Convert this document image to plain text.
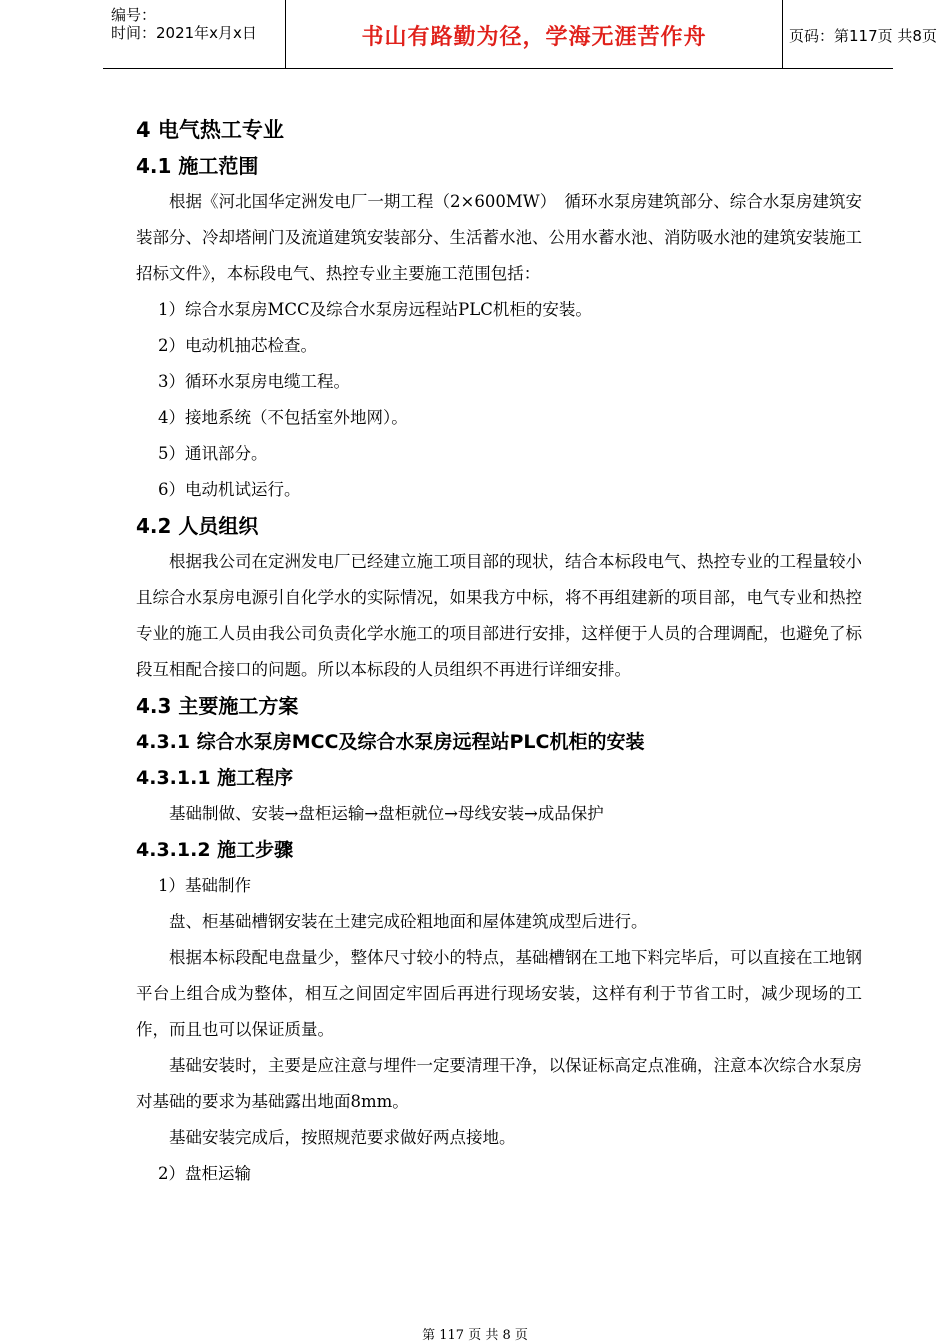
编号：
时间：2021年x月x日	书山有路勤为径，学海无涯苦作舟	页码：第117页 共8页
4 电气热工专业
4.1 施工范围
根据《河北国华定洲发电厂一期工程（2×600MW）　循环水泵房建筑部分、综合水泵房建筑安装部分、冷却塔闸门及流道建筑安装部分、生活蓄水池、公用水蓄水池、消防吸水池的建筑安装施工招标文件》，本标段电气、热控专业主要施工范围包括：
1）综合水泵房MCC及综合水泵房远程站PLC机柜的安装。
2）电动机抽芯检查。
3）循环水泵房电缆工程。
4）接地系统（不包括室外地网）。
5）通讯部分。
6）电动机试运行。
4.2 人员组织
根据我公司在定洲发电厂已经建立施工项目部的现状，结合本标段电气、热控专业的工程量较小且综合水泵房电源引自化学水的实际情况，如果我方中标，将不再组建新的项目部，电气专业和热控专业的施工人员由我公司负责化学水施工的项目部进行安排，这样便于人员的合理调配，也避免了标段互相配合接口的问题。所以本标段的人员组织不再进行详细安排。
4.3 主要施工方案
4.3.1 综合水泵房MCC及综合水泵房远程站PLC机柜的安装
4.3.1.1 施工程序
基础制做、安装→盘柜运输→盘柜就位→母线安装→成品保护
4.3.1.2 施工步骤
1）基础制作
盘、柜基础槽钢安装在土建完成砼粗地面和屋体建筑成型后进行。
根据本标段配电盘量少，整体尺寸较小的特点，基础槽钢在工地下料完毕后，可以直接在工地钢平台上组合成为整体，相互之间固定牢固后再进行现场安装，这样有利于节省工时，减少现场的工作，而且也可以保证质量。
基础安装时，主要是应注意与埋件一定要清理干净，以保证标高定点准确，注意本次综合水泵房对基础的要求为基础露出地面8mm。
基础安装完成后，按照规范要求做好两点接地。
2）盘柜运输
第 117 页 共 8 页
